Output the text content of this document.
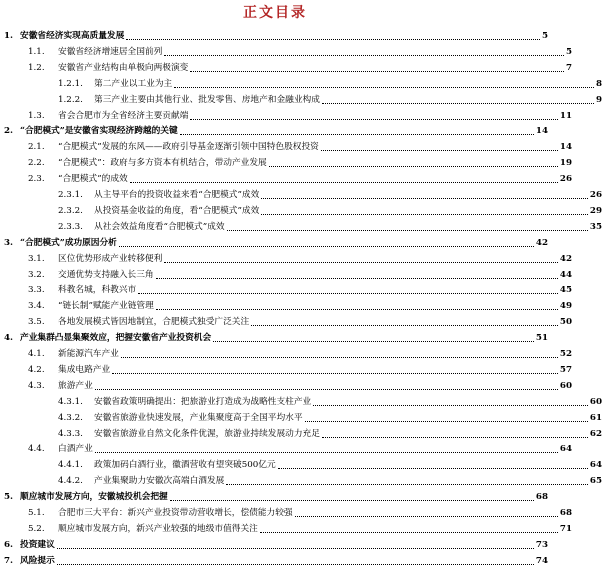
正文目录
1. 安徽省经济实现高质量发展	5
1.1.	安徽省经济增速居全国前列	5
1.2.	安徽省产业结构由单极向两极演变	7
1.2.1.	第二产业以工业为主	8
1.2.2.	第三产业主要由其他行业、批发零售、房地产和金融业构成	9
1.3.	省会合肥市为全省经济主要贡献端	11
2. “合肥模式”是安徽省实现经济跨越的关键	14
2.1.	“合肥模式”发展的东风——政府引导基金逐渐引领中国特色股权投资	14
2.2.	“合肥模式”：政府与多方资本有机结合，带动产业发展	19
2.3.	“合肥模式”的成效	26
2.3.1.	从主导平台的投资收益来看“合肥模式”成效	26
2.3.2.	从投资基金收益的角度，看“合肥模式”成效	29
2.3.3.	从社会效益角度看“合肥模式”成效	35
3. “合肥模式”成功原因分析	42
3.1.	区位优势形成产业转移便利	42
3.2.	交通优势支持融入长三角	44
3.3.	科教名城，科教兴市	45
3.4.	“链长制”赋能产业链管理	49
3.5.	各地发展模式皆因地制宜，合肥模式独受广泛关注	50
4. 产业集群凸显集聚效应，把握安徽省产业投资机会	51
4.1.	新能源汽车产业	52
4.2.	集成电路产业	57
4.3.	旅游产业	60
4.3.1.	安徽省政策明确提出：把旅游业打造成为战略性支柱产业	60
4.3.2.	安徽省旅游业快速发展，产业集聚度高于全国平均水平	61
4.3.3.	安徽省旅游业自然文化条件优渥，旅游业持续发展动力充足	62
4.4.	白酒产业	64
4.4.1.	政策加码白酒行业，徽酒营收有望突破500亿元	64
4.4.2.	产业集聚助力安徽次高端白酒发展	65
5. 顺应城市发展方向，安徽城投机会把握	68
5.1.	合肥市三大平台：新兴产业投资带动营收增长，偿债能力较强	68
5.2.	顺应城市发展方向，新兴产业较强的地级市值得关注	71
6. 投资建议	73
7. 风险提示	74
